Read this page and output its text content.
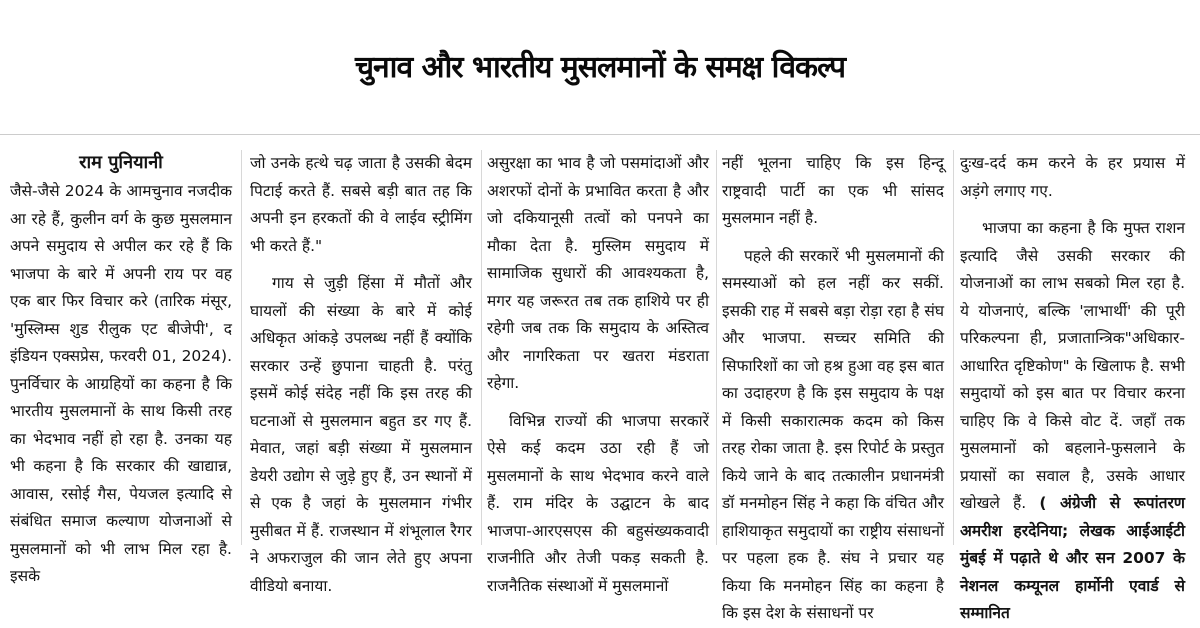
चुनाव और भारतीय मुसलमानों के समक्ष विकल्प
राम पुनियानी

जैसे-जैसे 2024 के आमचुनाव नजदीक आ रहे हैं, कुलीन वर्ग के कुछ मुसलमान अपने समुदाय से अपील कर रहे हैं कि भाजपा के बारे में अपनी राय पर वह एक बार फिर विचार करे (तारिक मंसूर, 'मुस्लिम्स शुड रीलुक एट बीजेपी', द इंडियन एक्सप्रेस, फरवरी 01, 2024). पुनर्विचार के आग्रहियों का कहना है कि भारतीय मुसलमानों के साथ किसी तरह का भेदभाव नहीं हो रहा है. उनका यह भी कहना है कि सरकार की खाद्यान्न, आवास, रसोई गैस, पेयजल इत्यादि से संबंधित समाज कल्याण योजनाओं से मुसलमानों को भी लाभ मिल रहा है. इसके

जो उनके हत्थे चढ़ जाता है उसकी बेदम पिटाई करते हैं. सबसे बड़ी बात तह कि अपनी इन हरकतों की वे लाईव स्ट्रीमिंग भी करते हैं."

गाय से जुड़ी हिंसा में मौतों और घायलों की संख्या के बारे में कोई अधिकृत आंकड़े उपलब्ध नहीं हैं क्योंकि सरकार उन्हें छुपाना चाहती है. परंतु इसमें कोई संदेह नहीं कि इस तरह की घटनाओं से मुसलमान बहुत डर गए हैं. मेवात, जहां बड़ी संख्या में मुसलमान डेयरी उद्योग से जुड़े हुए हैं, उन स्थानों में से एक है जहां के मुसलमान गंभीर मुसीबत में हैं. राजस्थान में शंभूलाल रैगर ने अफराजुल की जान लेते हुए अपना वीडियो बनाया.

असुरक्षा का भाव है जो पसमांदाओं और अशरफों दोनों के प्रभावित करता है और जो दकियानूसी तत्वों को पनपने का मौका देता है. मुस्लिम समुदाय में सामाजिक सुधारों की आवश्यकता है, मगर यह जरूरत तब तक हाशिये पर ही रहेगी जब तक कि समुदाय के अस्तित्व और नागरिकता पर खतरा मंडराता रहेगा.

विभिन्न राज्यों की भाजपा सरकारें ऐसे कई कदम उठा रही हैं जो मुसलमानों के साथ भेदभाव करने वाले हैं. राम मंदिर के उद्घाटन के बाद भाजपा-आरएसएस की बहुसंख्यकवादी राजनीति और तेजी पकड़ सकती है. राजनैतिक संस्थाओं में मुसलमानों

नहीं भूलना चाहिए कि इस हिन्दू राष्ट्रवादी पार्टी का एक भी सांसद मुसलमान नहीं है.

पहले की सरकारें भी मुसलमानों की समस्याओं को हल नहीं कर सकीं. इसकी राह में सबसे बड़ा रोड़ा रहा है संघ और भाजपा. सच्चर समिति की सिफारिशों का जो हश्र हुआ वह इस बात का उदाहरण है कि इस समुदाय के पक्ष में किसी सकारात्मक कदम को किस तरह रोका जाता है. इस रिपोर्ट के प्रस्तुत किये जाने के बाद तत्कालीन प्रधानमंत्री डॉ मनमोहन सिंह ने कहा कि वंचित और हाशियाकृत समुदायों का राष्ट्रीय संसाधनों पर पहला हक है. संघ ने प्रचार यह किया कि मनमोहन सिंह का कहना है कि इस देश के संसाधनों पर

दुःख-दर्द कम करने के हर प्रयास में अड़ंगे लगाए गए.

भाजपा का कहना है कि मुफ्त राशन इत्यादि जैसे उसकी सरकार की योजनाओं का लाभ सबको मिल रहा है. ये योजनाएं, बल्कि 'लाभार्थी' की पूरी परिकल्पना ही, प्रजातान्त्रिक"अधिकार-आधारित दृष्टिकोण" के खिलाफ है. सभी समुदायों को इस बात पर विचार करना चाहिए कि वे किसे वोट दें. जहाँ तक मुसलमानों को बहलाने-फुसलाने के प्रयासों का सवाल है, उसके आधार खोखले हैं. ( अंग्रेजी से रूपांतरण अमरीश हरदेनिया; लेखक आईआईटी मुंबई में पढ़ाते थे और सन 2007 के नेशनल कम्यूनल हार्मोनी एवार्ड से सम्मानित
